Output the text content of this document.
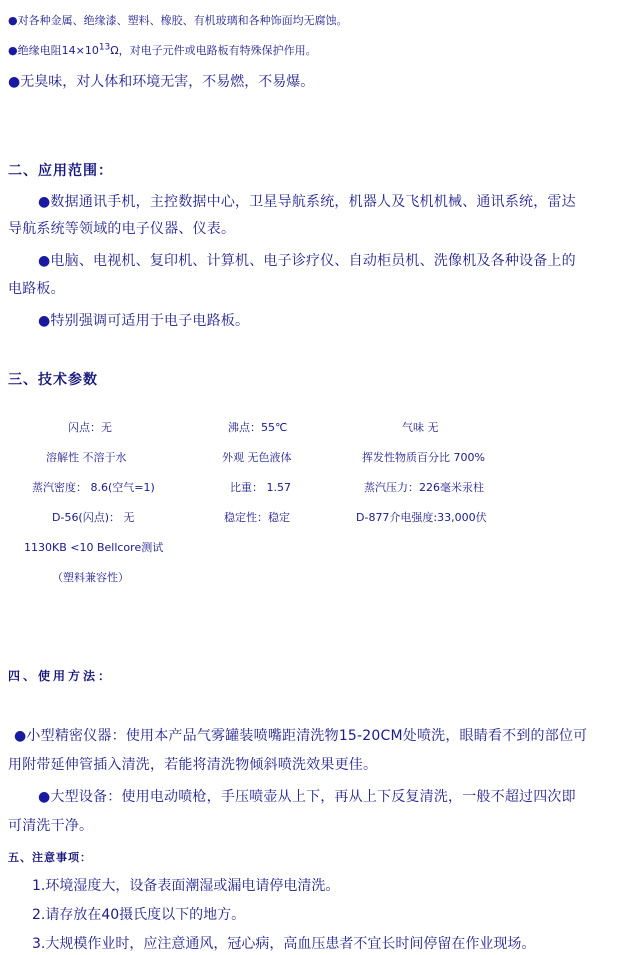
●对各种金属、绝缘漆、塑料、橡胶、有机玻璃和各种饰面均无腐蚀。
●绝缘电阻$14\times 10^{13}\Omega$，对电子元件或电路板有特殊保护作用。
●无臭味，对人体和环境无害，不易燃，不易爆。
二、应用范围：
●数据通讯手机，主控数据中心，卫星导航系统，机器人及飞机机械、通讯系统，雷达
导航系统等领域的电子仪器、仪表。
●电脑、电视机、复印机、计算机、电子诊疗仪、自动柜员机、洗像机及各种设备上的
电路板。
●特别强调可适用于电子电路板。
三、技术参数
闪点：无	沸点：55℃	气味 无
溶解性 不溶于水	外观 无色液体	挥发性物质百分比 700%
蒸汽密度： 8.6(空气=1)	比重： 1.57	蒸汽压力：226毫米汞柱
D-56(闪点)： 无	稳定性：稳定	D-877介电强度:33,000伏
1130KB <10 Bellcore测试
（塑料兼容性）
四、使用方法：
●小型精密仪器：使用本产品气雾罐装喷嘴距清洗物15-20CM处喷洗，眼睛看不到的部位可
用附带延伸管插入清洗，若能将清洗物倾斜喷洗效果更佳。
●大型设备：使用电动喷枪，手压喷壶从上下，再从上下反复清洗，一般不超过四次即
可清洗干净。
五、注意事项：
1.环境湿度大，设备表面潮湿或漏电请停电清洗。
2.请存放在40摄氏度以下的地方。
3.大规模作业时，应注意通风，冠心病，高血压患者不宜长时间停留在作业现场。
